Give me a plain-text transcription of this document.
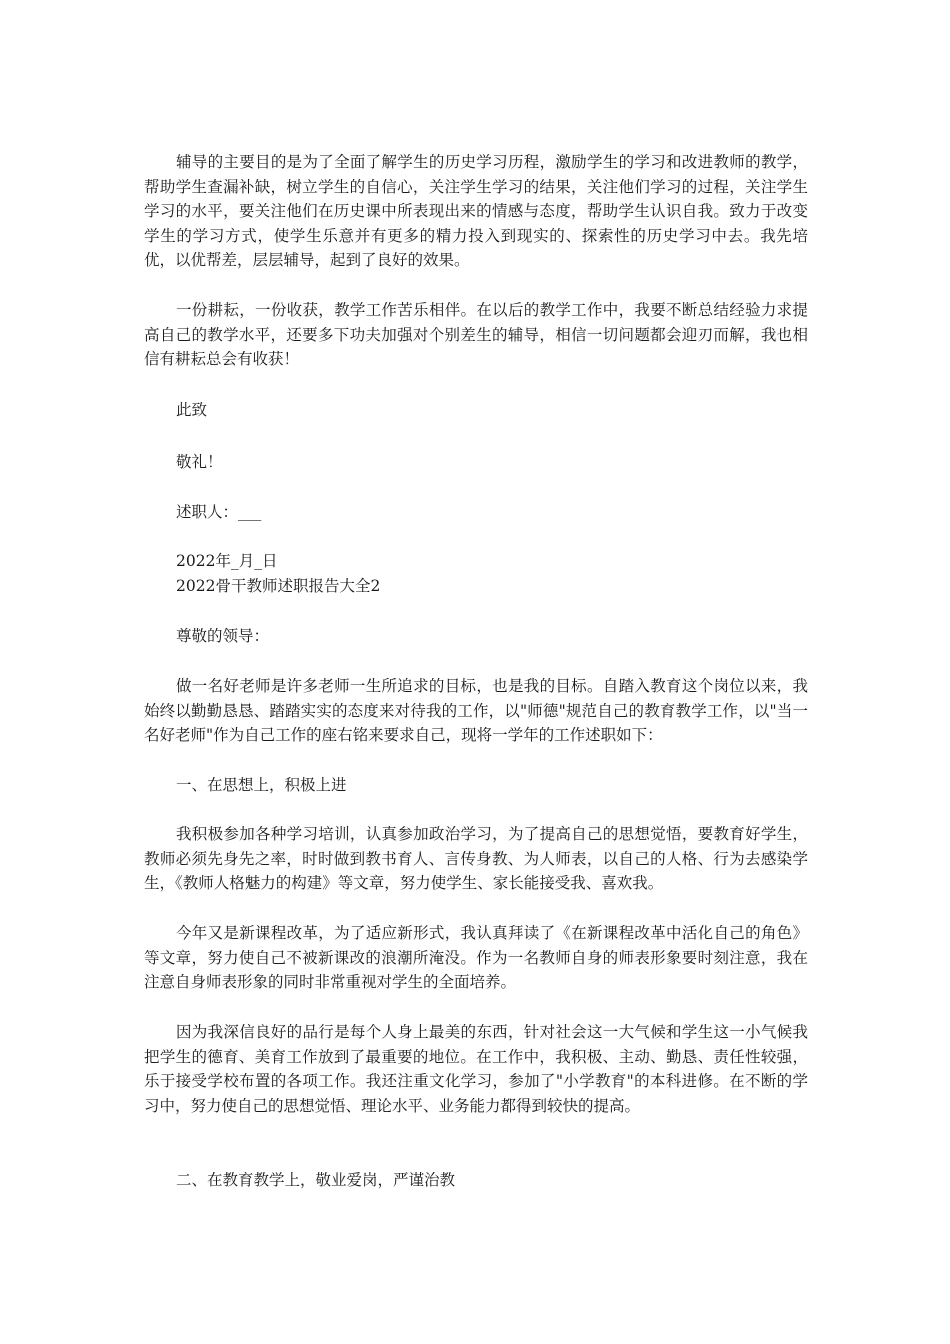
辅导的主要目的是为了全面了解学生的历史学习历程，激励学生的学习和改进教师的教学，帮助学生查漏补缺，树立学生的自信心，关注学生学习的结果，关注他们学习的过程，关注学生学习的水平，要关注他们在历史课中所表现出来的情感与态度，帮助学生认识自我。致力于改变学生的学习方式，使学生乐意并有更多的精力投入到现实的、探索性的历史学习中去。我先培优，以优帮差，层层辅导，起到了良好的效果。

一份耕耘，一份收获，教学工作苦乐相伴。在以后的教学工作中，我要不断总结经验力求提高自己的教学水平，还要多下功夫加强对个别差生的辅导，相信一切问题都会迎刃而解，我也相信有耕耘总会有收获！

此致

敬礼！

述职人：___

2022年_月_日

2022骨干教师述职报告大全2

尊敬的领导：

做一名好老师是许多老师一生所追求的目标，也是我的目标。自踏入教育这个岗位以来，我始终以勤勤恳恳、踏踏实实的态度来对待我的工作，以"师德"规范自己的教育教学工作，以"当一名好老师"作为自己工作的座右铭来要求自己，现将一学年的工作述职如下：

一、在思想上，积极上进

我积极参加各种学习培训，认真参加政治学习，为了提高自己的思想觉悟，要教育好学生，教师必须先身先之率，时时做到教书育人、言传身教、为人师表，以自己的人格、行为去感染学生，《教师人格魅力的构建》等文章，努力使学生、家长能接受我、喜欢我。

今年又是新课程改革，为了适应新形式，我认真拜读了《在新课程改革中活化自己的角色》等文章，努力使自己不被新课改的浪潮所淹没。作为一名教师自身的师表形象要时刻注意，我在注意自身师表形象的同时非常重视对学生的全面培养。

因为我深信良好的品行是每个人身上最美的东西，针对社会这一大气候和学生这一小气候我把学生的德育、美育工作放到了最重要的地位。在工作中，我积极、主动、勤恳、责任性较强，乐于接受学校布置的各项工作。我还注重文化学习，参加了"小学教育"的本科进修。在不断的学习中，努力使自己的思想觉悟、理论水平、业务能力都得到较快的提高。

二、在教育教学上，敬业爱岗，严谨治教
